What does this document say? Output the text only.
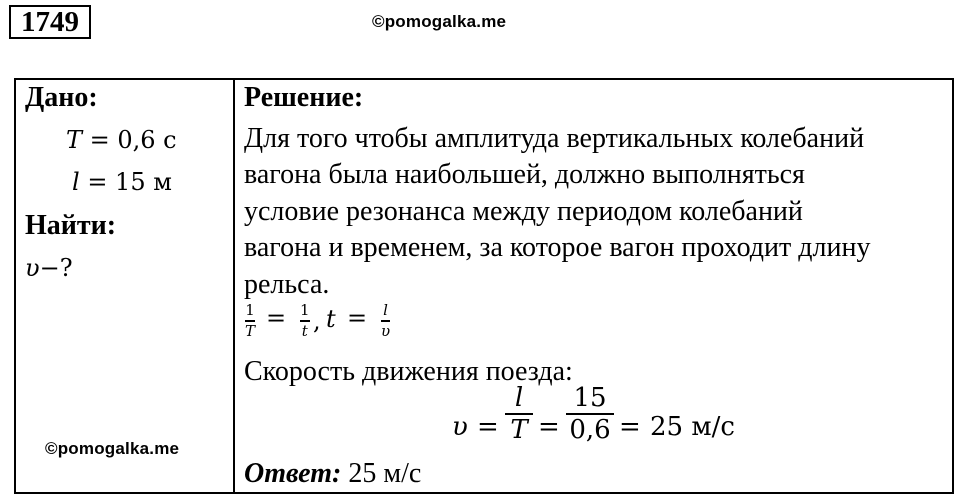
1749	©pomogalka.me
Дано:
T = 0,6 с
l = 15 м
Найти:
υ−?
©pomogalka.me
Решение:
Для того чтобы амплитуда вертикальных колебаний
вагона была наибольшей, должно выполняться
условие резонанса между периодом колебаний
вагона и временем, за которое вагон проходит длину
рельса.
1
T = 1
t , t = l
υ
Скорость движения поезда:
υ =
l
T =
15
0,6 = 25 м/с
Ответ: 25 м/с
